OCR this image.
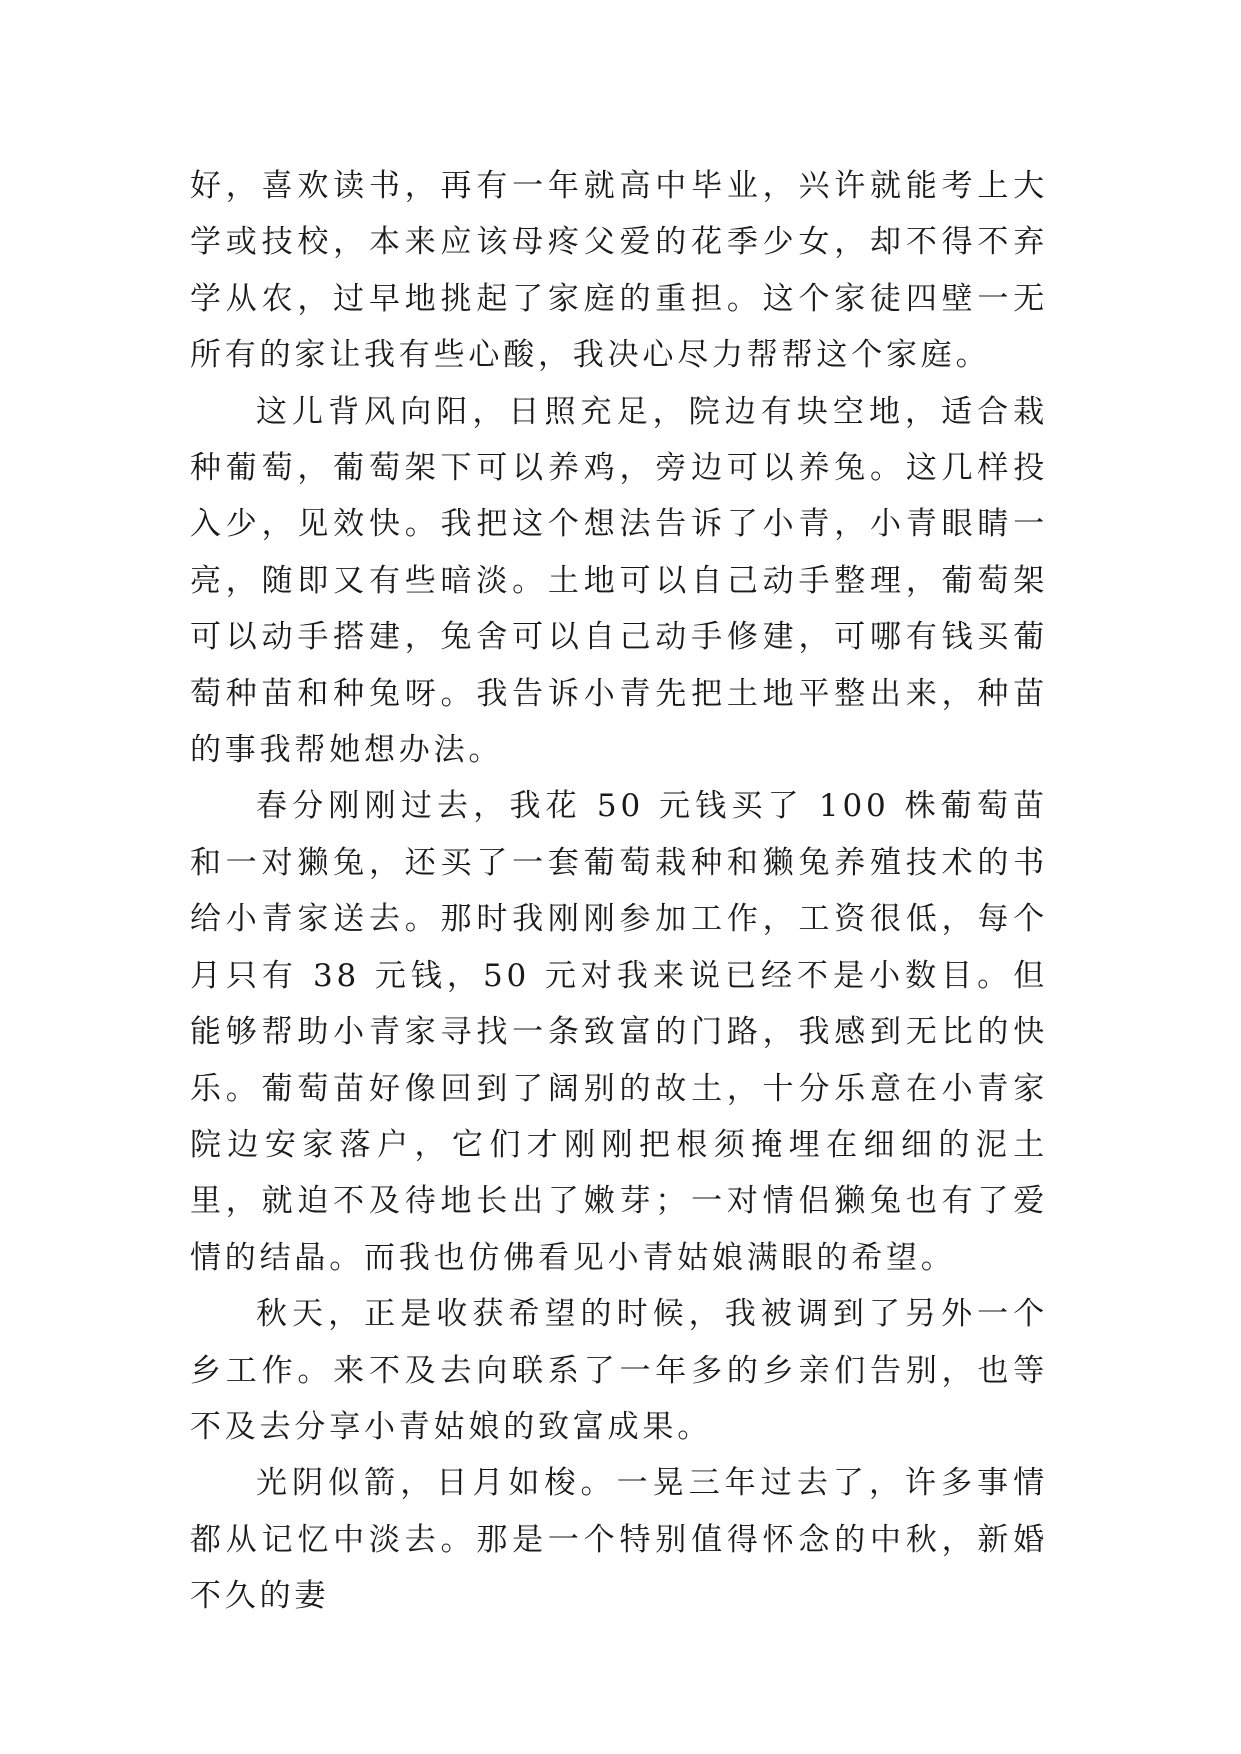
好，喜欢读书，再有一年就高中毕业，兴许就能考上大学或技校，本来应该母疼父爱的花季少女，却不得不弃学从农，过早地挑起了家庭的重担。这个家徒四壁一无所有的家让我有些心酸，我决心尽力帮帮这个家庭。

这儿背风向阳，日照充足，院边有块空地，适合栽种葡萄，葡萄架下可以养鸡，旁边可以养兔。这几样投入少，见效快。我把这个想法告诉了小青，小青眼睛一亮，随即又有些暗淡。土地可以自己动手整理，葡萄架可以动手搭建，兔舍可以自己动手修建，可哪有钱买葡萄种苗和种兔呀。我告诉小青先把土地平整出来，种苗的事我帮她想办法。

春分刚刚过去，我花 50 元钱买了 100 株葡萄苗和一对獭兔，还买了一套葡萄栽种和獭兔养殖技术的书给小青家送去。那时我刚刚参加工作，工资很低，每个月只有 38 元钱，50 元对我来说已经不是小数目。但能够帮助小青家寻找一条致富的门路，我感到无比的快乐。葡萄苗好像回到了阔别的故土，十分乐意在小青家院边安家落户，它们才刚刚把根须掩埋在细细的泥土里，就迫不及待地长出了嫩芽；一对情侣獭兔也有了爱情的结晶。而我也仿佛看见小青姑娘满眼的希望。

秋天，正是收获希望的时候，我被调到了另外一个乡工作。来不及去向联系了一年多的乡亲们告别，也等不及去分享小青姑娘的致富成果。

光阴似箭，日月如梭。一晃三年过去了，许多事情都从记忆中淡去。那是一个特别值得怀念的中秋，新婚不久的妻
